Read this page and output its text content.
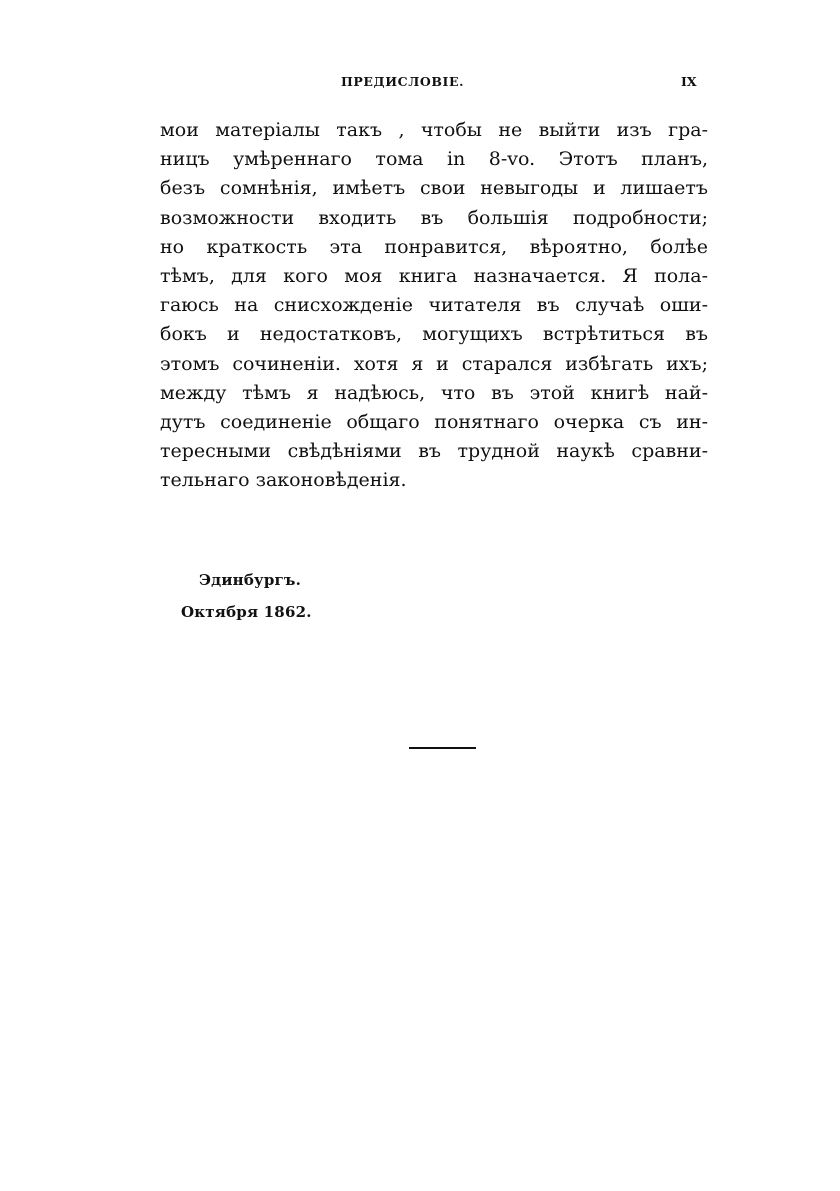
ПРЕДИСЛОВІЕ.	IX
мои матеріалы такъ , чтобы не выйти изъ гра-
ницъ умѣреннаго тома in 8-vo. Этотъ планъ,
безъ сомнѣнія, имѣетъ свои невыгоды и лишаетъ
возможности входить въ большія подробности;
но краткость эта понравится, вѣроятно, болѣе
тѣмъ, для кого моя книга назначается. Я пола-
гаюсь на снисхожденіе читателя въ случаѣ оши-
бокъ и недостатковъ, могущихъ встрѣтиться въ
этомъ сочиненіи. хотя я и старался избѣгать ихъ;
между тѣмъ я надѣюсь, что въ этой книгѣ най-
дутъ соединеніе общаго понятнаго очерка съ ин-
тересными свѣдѣніями въ трудной наукѣ сравни-
тельнаго законовѣденія.
Эдинбургъ.
Октября 1862.
